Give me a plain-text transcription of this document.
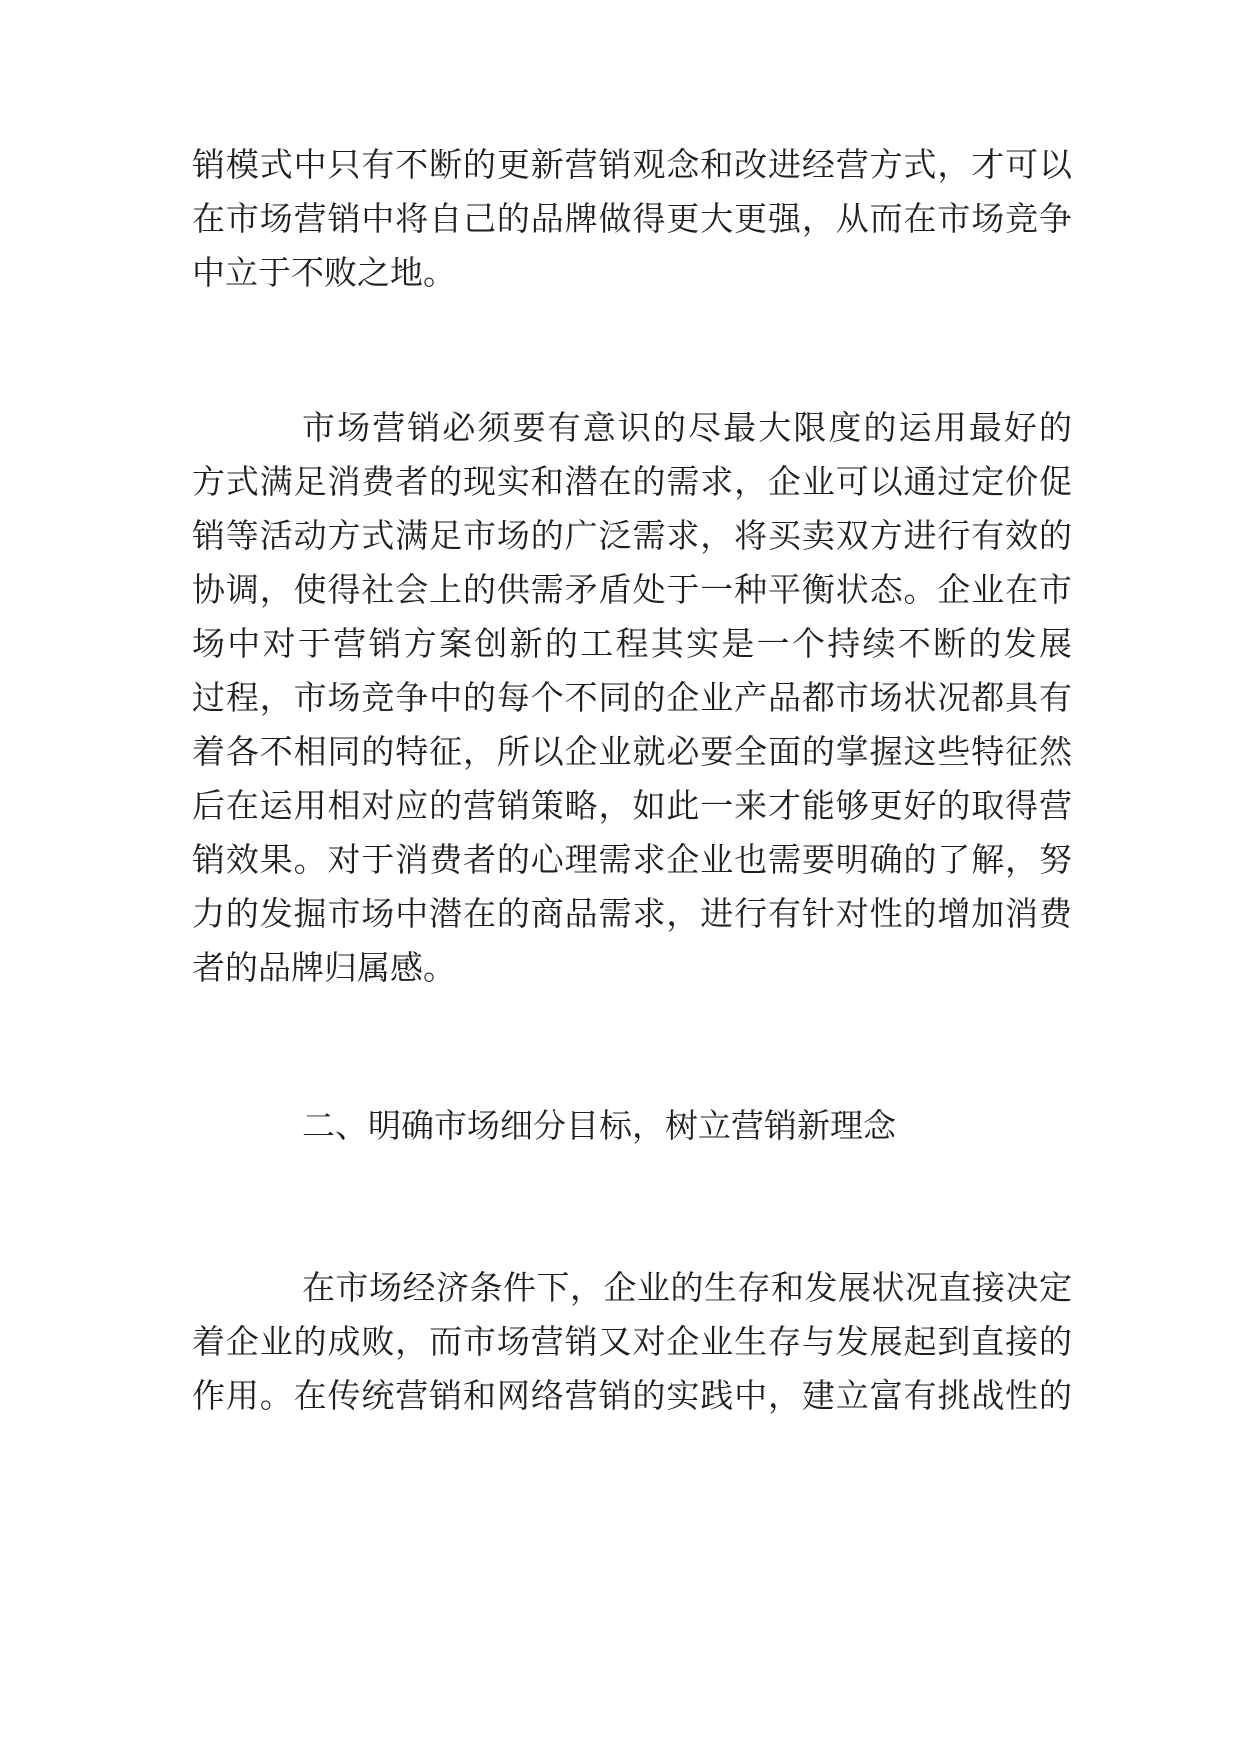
销模式中只有不断的更新营销观念和改进经营方式，才可以
在市场营销中将自己的品牌做得更大更强，从而在市场竞争
中立于不败之地。
市场营销必须要有意识的尽最大限度的运用最好的
方式满足消费者的现实和潜在的需求，企业可以通过定价促
销等活动方式满足市场的广泛需求，将买卖双方进行有效的
协调，使得社会上的供需矛盾处于一种平衡状态。企业在市
场中对于营销方案创新的工程其实是一个持续不断的发展
过程，市场竞争中的每个不同的企业产品都市场状况都具有
着各不相同的特征，所以企业就必要全面的掌握这些特征然
后在运用相对应的营销策略，如此一来才能够更好的取得营
销效果。对于消费者的心理需求企业也需要明确的了解，努
力的发掘市场中潜在的商品需求，进行有针对性的增加消费
者的品牌归属感。
二、明确市场细分目标，树立营销新理念
在市场经济条件下，企业的生存和发展状况直接决定
着企业的成败，而市场营销又对企业生存与发展起到直接的
作用。在传统营销和网络营销的实践中，建立富有挑战性的
